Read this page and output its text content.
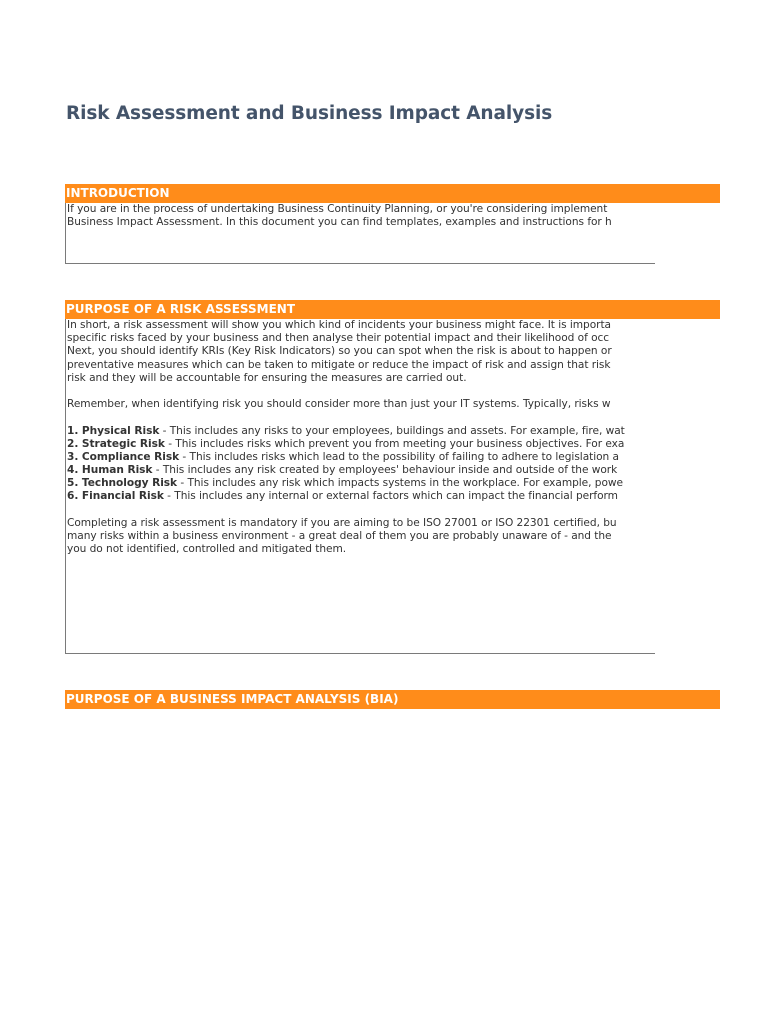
Risk Assessment and Business Impact Analysis
INTRODUCTION
If you are in the process of undertaking Business Continuity Planning, or you're considering implement
Business Impact Assessment. In this document you can find templates, examples and instructions for h
PURPOSE OF A RISK ASSESSMENT
In short, a risk assessment will show you which kind of incidents your business might face. It is importa
specific risks faced by your business and then analyse their potential impact and their likelihood of occ
Next, you should identify KRIs (Key Risk Indicators) so you can spot when the risk is about to happen or
preventative measures which can be taken to mitigate or reduce the impact of risk and assign that risk
risk and they will be accountable for ensuring the measures are carried out.
Remember, when identifying risk you should consider more than just your IT systems. Typically, risks w
1. Physical Risk - This includes any risks to your employees, buildings and assets. For example, fire, wat
2. Strategic Risk - This includes risks which prevent you from meeting your business objectives. For exa
3. Compliance Risk - This includes risks which lead to the possibility of failing to adhere to legislation a
4. Human Risk - This includes any risk created by employees' behaviour inside and outside of the work
5. Technology Risk - This includes any risk which impacts systems in the workplace. For example, powe
6. Financial Risk - This includes any internal or external factors which can impact the financial perform
Completing a risk assessment is mandatory if you are aiming to be ISO 27001 or ISO 22301 certified, bu
many risks within a business environment - a great deal of them you are probably unaware of - and the
you do not identified, controlled and mitigated them.
PURPOSE OF A BUSINESS IMPACT ANALYSIS (BIA)
